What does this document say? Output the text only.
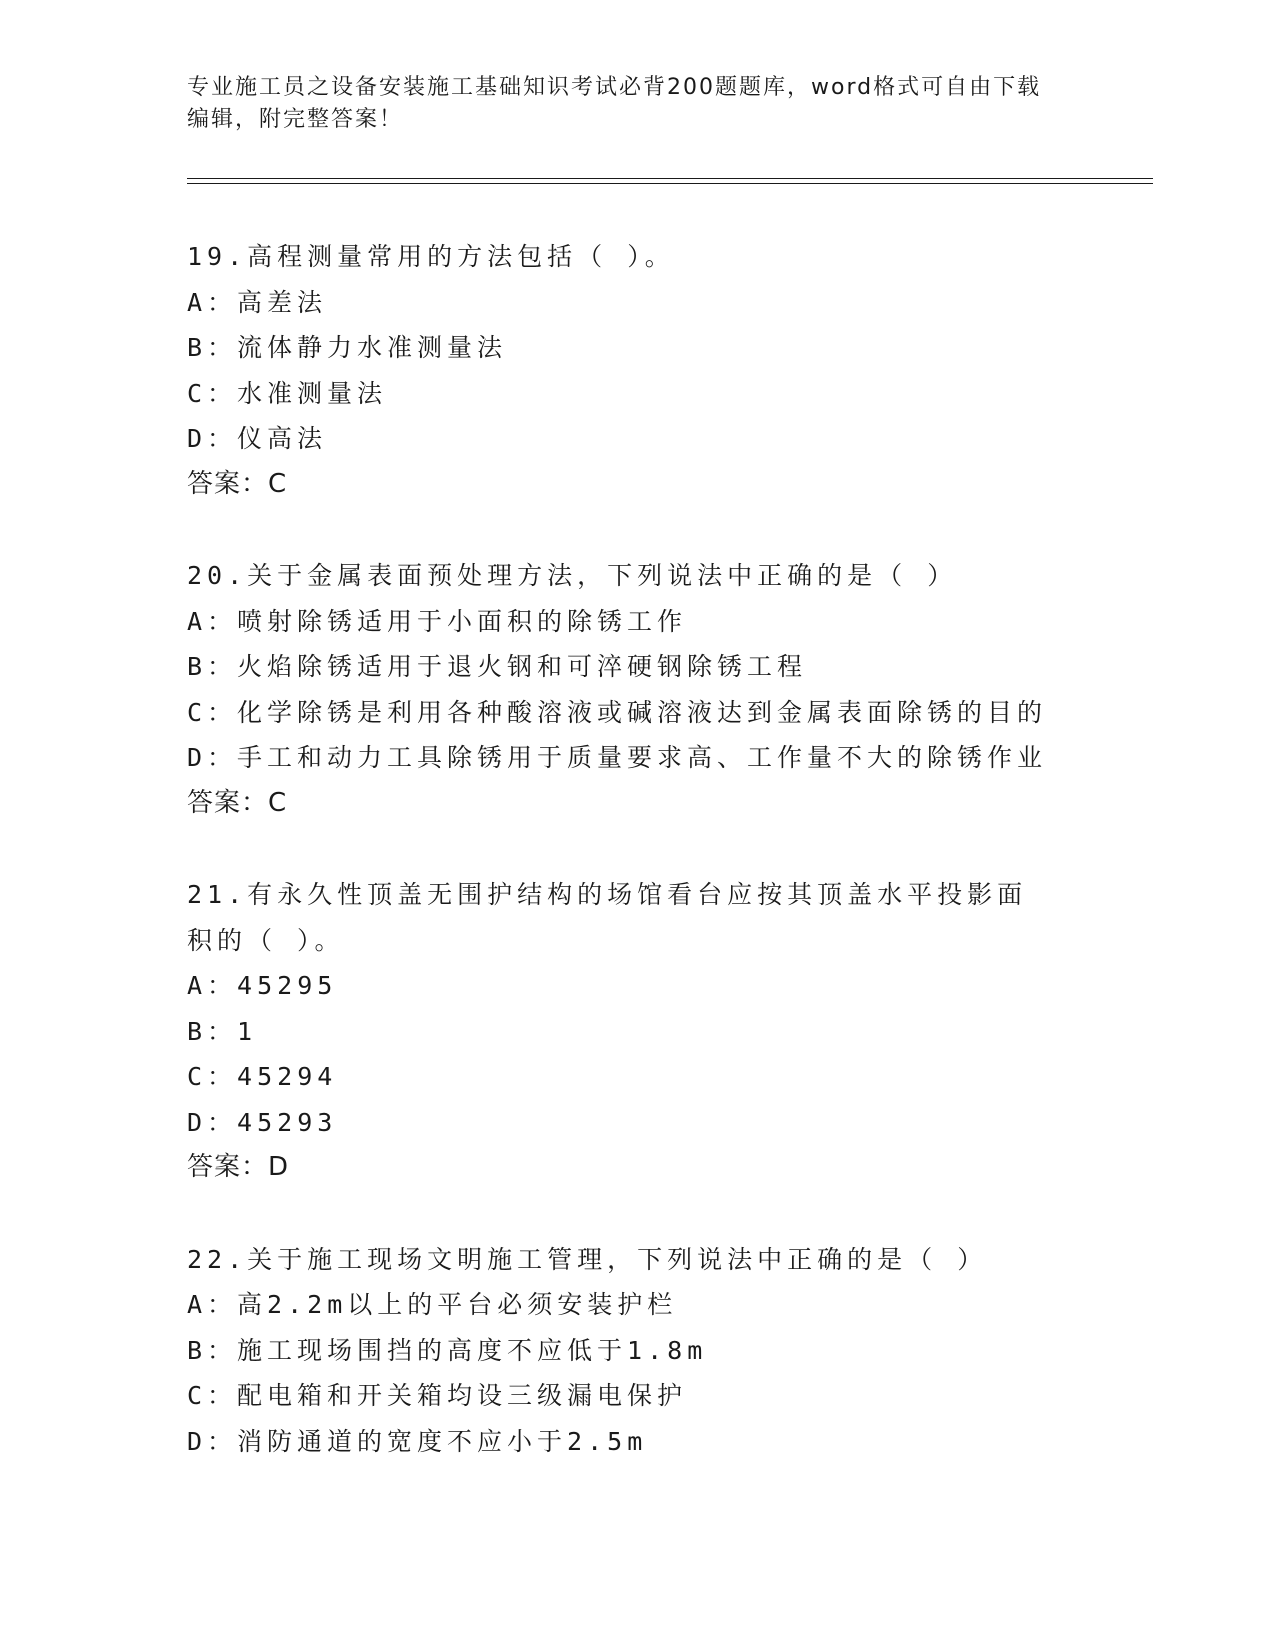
专业施工员之设备安装施工基础知识考试必背200题题库，word格式可自由下载
编辑，附完整答案！
19.高程测量常用的方法包括（ ）。
A：高差法
B：流体静力水准测量法
C：水准测量法
D：仪高法
答案：C
20.关于金属表面预处理方法，下列说法中正确的是（ ）
A：喷射除锈适用于小面积的除锈工作
B：火焰除锈适用于退火钢和可淬硬钢除锈工程
C：化学除锈是利用各种酸溶液或碱溶液达到金属表面除锈的目的
D：手工和动力工具除锈用于质量要求高、工作量不大的除锈作业
答案：C
21.有永久性顶盖无围护结构的场馆看台应按其顶盖水平投影面积的（ ）。
A：45295
B：1
C：45294
D：45293
答案：D
22.关于施工现场文明施工管理，下列说法中正确的是（ ）
A：高2.2m以上的平台必须安装护栏
B：施工现场围挡的高度不应低于1.8m
C：配电箱和开关箱均设三级漏电保护
D：消防通道的宽度不应小于2.5m
